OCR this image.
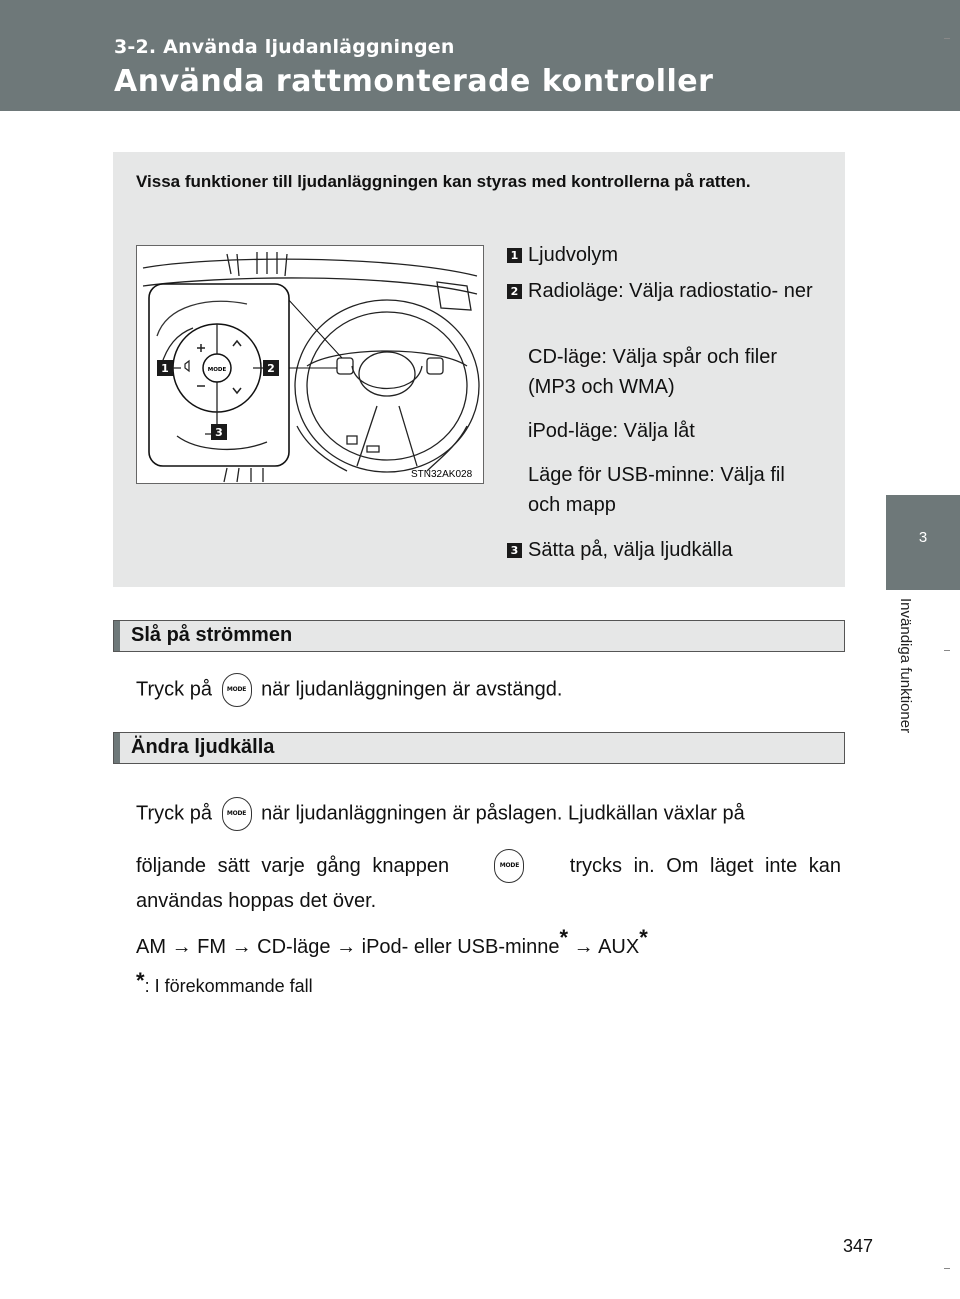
3-2. Använda ljudanläggningen
Använda rattmonterade kontroller
3
Invändiga funktioner
Vissa funktioner till ljudanläggningen kan styras med kontrollerna på ratten.
MODE
1	2
3
STN32AK028
1 Ljudvolym
2 Radioläge: Välja radiostatio- ner
CD-läge: Välja spår och filer (MP3 och WMA)
iPod-läge: Välja låt
Läge för USB-minne: Välja fil och mapp
3 Sätta på, välja ljudkälla
Slå på strömmen
Tryck på	MODE när ljudanläggningen är avstängd.
Ändra ljudkälla
Tryck på	MODE när ljudanläggningen är påslagen. Ljudkällan växlar på
följande sätt varje gång knappen	MODE	trycks in. Om läget inte kan
användas hoppas det över.
AM → FM → CD-läge → iPod- eller USB-minne* → AUX*
*: I förekommande fall
347
